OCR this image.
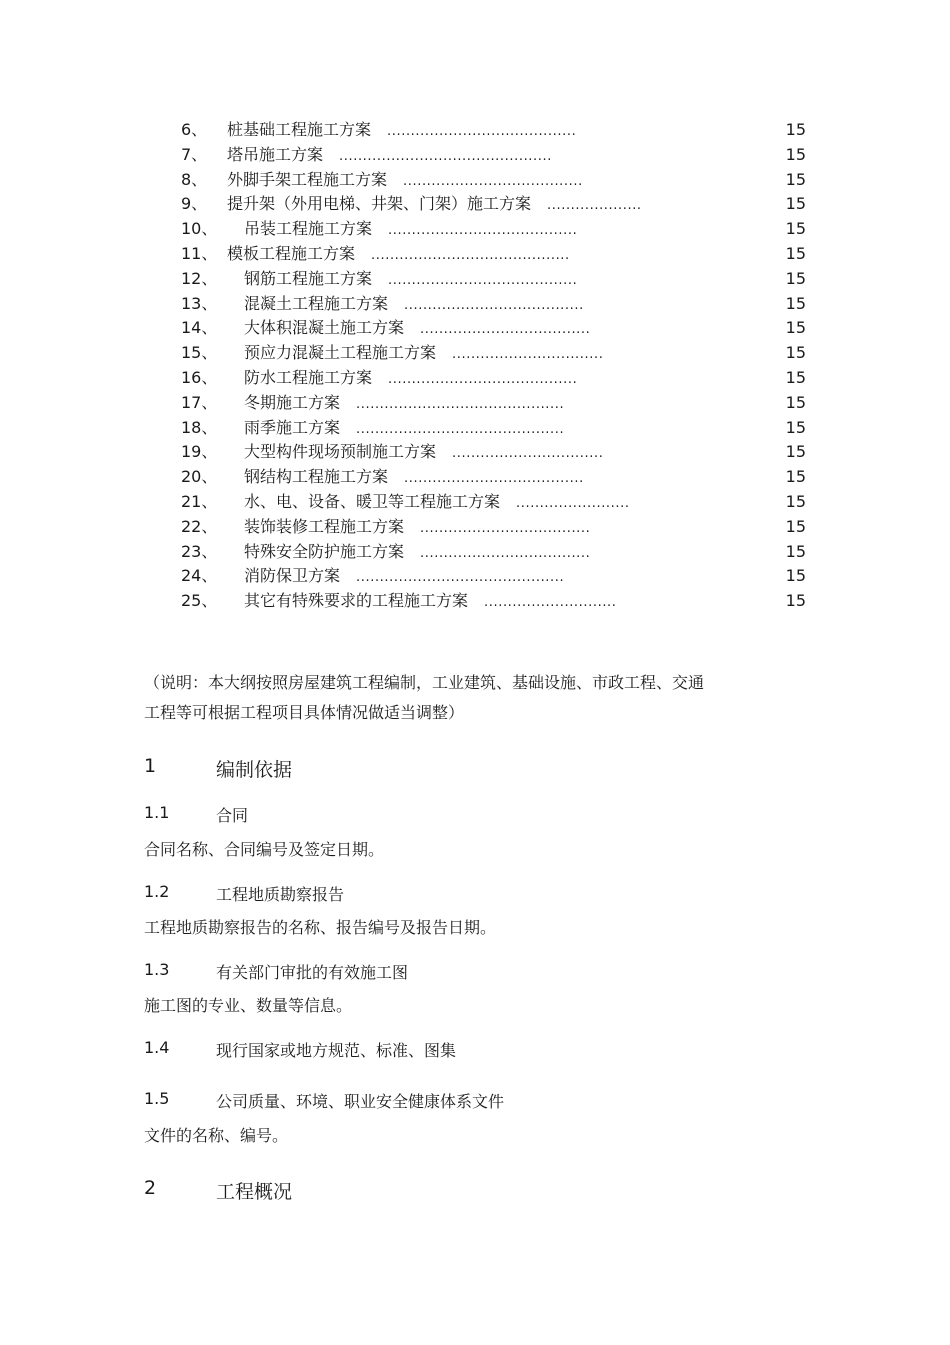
6、 桩基础工程施工方案 ........................................	15
7、 塔吊施工方案 .............................................	15
8、 外脚手架工程施工方案 ......................................	15
9、 提升架（外用电梯、井架、门架）施工方案 ....................	15
10、 吊装工程施工方案 ........................................	15
11、 模板工程施工方案 ..........................................	15
12、 钢筋工程施工方案 ........................................	15
13、 混凝土工程施工方案 ......................................	15
14、 大体积混凝土施工方案 ....................................	15
15、 预应力混凝土工程施工方案 ................................	15
16、 防水工程施工方案 ........................................	15
17、 冬期施工方案 ............................................	15
18、 雨季施工方案 ............................................	15
19、 大型构件现场预制施工方案 ................................	15
20、 钢结构工程施工方案 ......................................	15
21、 水、电、设备、暖卫等工程施工方案 ........................	15
22、 装饰装修工程施工方案 ....................................	15
23、 特殊安全防护施工方案 ....................................	15
24、 消防保卫方案 ............................................	15
25、 其它有特殊要求的工程施工方案 ............................	15
（说明：本大纲按照房屋建筑工程编制，工业建筑、基础设施、市政工程、交通
工程等可根据工程项目具体情况做适当调整）
1	编制依据
1.1	合同
合同名称、合同编号及签定日期。
1.2	工程地质勘察报告
工程地质勘察报告的名称、报告编号及报告日期。
1.3	有关部门审批的有效施工图
施工图的专业、数量等信息。
1.4	现行国家或地方规范、标准、图集
1.5	公司质量、环境、职业安全健康体系文件
文件的名称、编号。
2	工程概况
